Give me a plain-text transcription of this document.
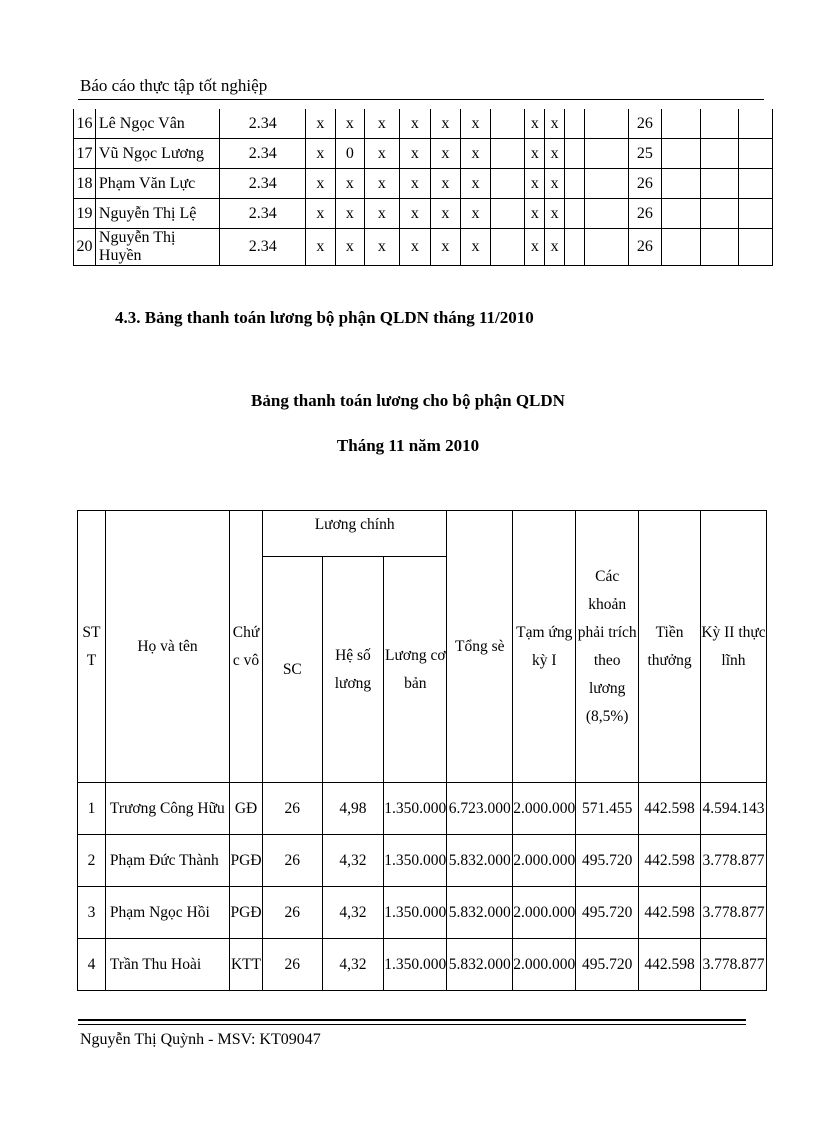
Báo cáo thực tập tốt nghiệp
16	Lê Ngọc Vân	2.34	x	x	x	x	x	x		x	x			26			
17	Vũ Ngọc Lương	2.34	x	0	x	x	x	x		x	x			25			
18	Phạm Văn Lực	2.34	x	x	x	x	x	x		x	x			26			
19	Nguyễn Thị Lệ	2.34	x	x	x	x	x	x		x	x			26			
20	Nguyễn Thị Huyền	2.34	x	x	x	x	x	x		x	x			26			
4.3. Bảng thanh toán lương bộ phận QLDN tháng 11/2010
Bảng thanh toán lương cho bộ phận QLDN
Tháng 11 năm 2010
ST T	Họ và tên	Chứ c vô	Lương chính			Tổng sè	Tạm ứng kỳ I	Các khoản phải trích theo lương (8,5%)	Tiền thưởng	Kỳ II thực lĩnh
			SC	Hệ số lương	Lương cơ bản					
1	Trương Công Hữu	GĐ	26	4,98	1.350.000	6.723.000	2.000.000	571.455	442.598	4.594.143
2	Phạm Đức Thành	PGĐ	26	4,32	1.350.000	5.832.000	2.000.000	495.720	442.598	3.778.877
3	Phạm Ngọc Hồi	PGĐ	26	4,32	1.350.000	5.832.000	2.000.000	495.720	442.598	3.778.877
4	Trần Thu Hoài	KTT	26	4,32	1.350.000	5.832.000	2.000.000	495.720	442.598	3.778.877
Nguyễn Thị Quỳnh - MSV: KT09047
